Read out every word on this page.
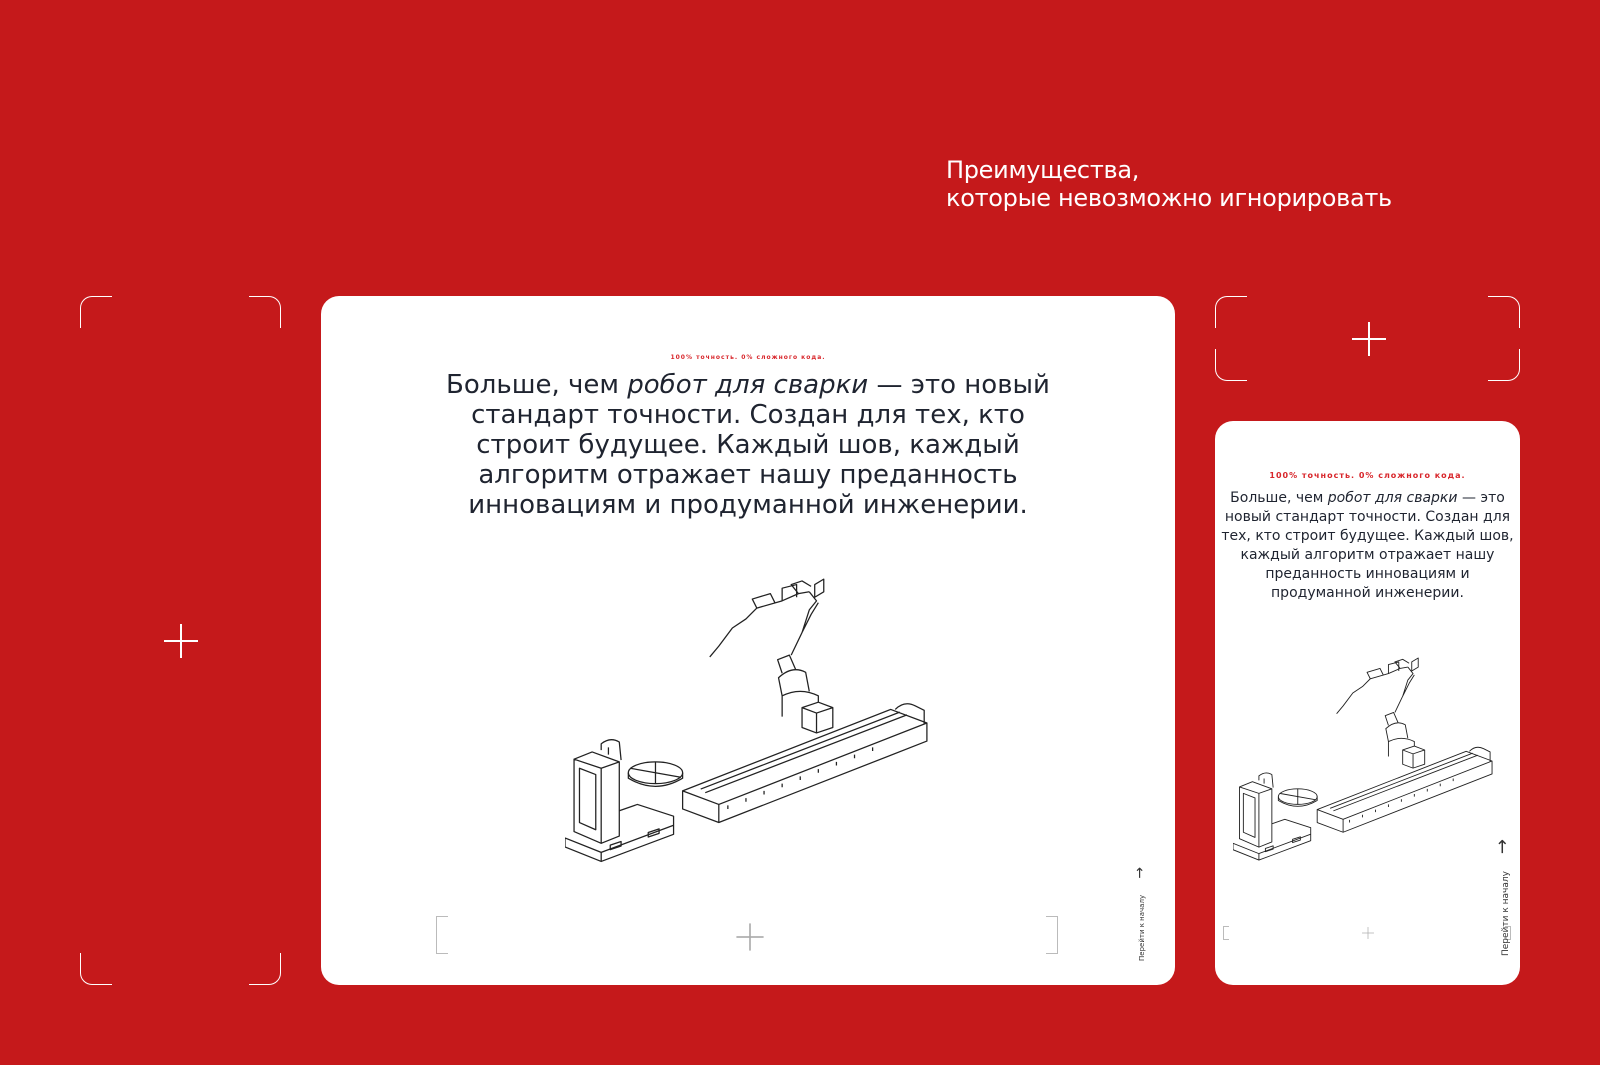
Преимущества,
которые невозможно игнорировать
100% точность. 0% сложного кода.
Больше, чем робот для сварки — это новый стандарт точности. Создан для тех, кто строит будущее. Каждый шов, каждый алгоритм отражает нашу преданность инновациям и продуманной инженерии.
Перейти к началу →
100% точность. 0% сложного кода.
Больше, чем робот для сварки — это новый стандарт точности. Создан для тех, кто строит будущее. Каждый шов, каждый алгоритм отражает нашу преданность инновациям и продуманной инженерии.
Перейти к началу →
